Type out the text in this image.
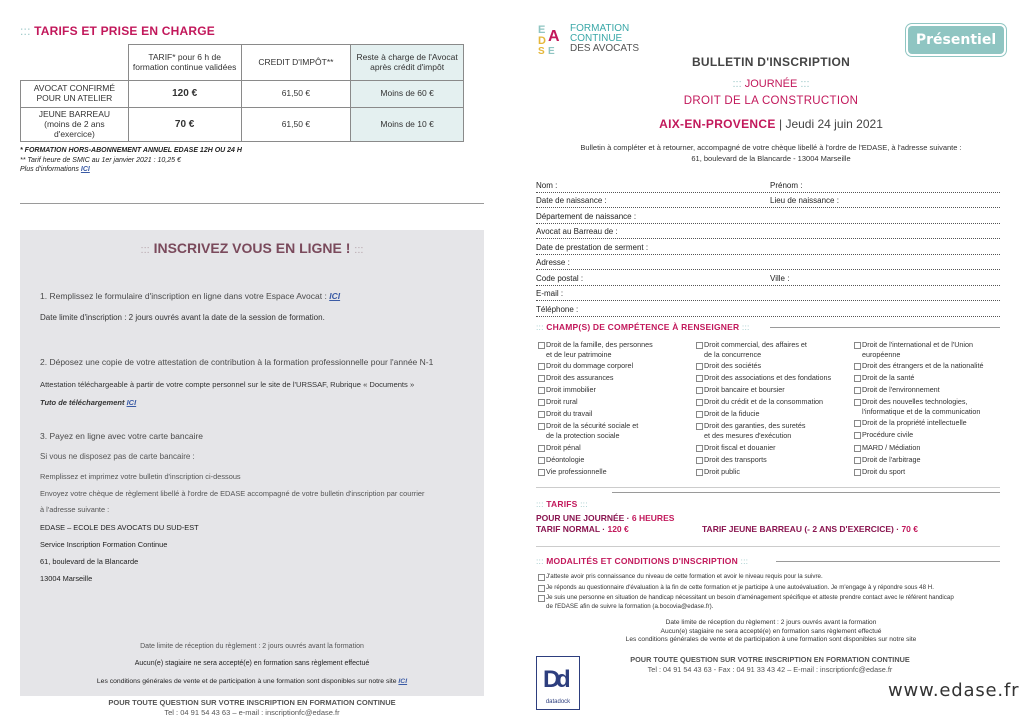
::: TARIFS ET PRISE EN CHARGE
	TARIF* pour 6 h de formation continue validées	CREDIT D'IMPÔT**	Reste à charge de l'Avocat après crédit d'impôt
AVOCAT CONFIRMÉ POUR UN ATELIER	120 €	61,50 €	Moins de 60 €
JEUNE BARREAU (moins de 2 ans d'exercice)	70 €	61,50 €	Moins de 10 €
* FORMATION HORS-ABONNEMENT ANNUEL EDASE 12H OU 24 H
** Tarif heure de SMIC au 1er janvier 2021 : 10,25 €
Plus d'informations ICI
::: INSCRIVEZ VOUS EN LIGNE ! :::
1. Remplissez le formulaire d'inscription en ligne dans votre Espace Avocat : ICI
Date limite d'inscription : 2 jours ouvrés avant la date de la session de formation.
2. Déposez une copie de votre attestation de contribution à la formation professionnelle pour l'année N-1
Attestation téléchargeable à partir de votre compte personnel sur le site de l'URSSAF, Rubrique « Documents »
Tuto de téléchargement ICI
3. Payez en ligne avec votre carte bancaire
Si vous ne disposez pas de carte bancaire :
Remplissez et imprimez votre bulletin d'inscription ci-dessous
Envoyez votre chèque de règlement libellé à l'ordre de EDASE accompagné de votre bulletin d'inscription par courrier
à l'adresse suivante :
EDASE – ECOLE DES AVOCATS DU SUD-EST
Service Inscription Formation Continue
61, boulevard de la Blancarde
13004 Marseille
Date limite de réception du règlement : 2 jours ouvrés avant la formation
Aucun(e) stagiaire ne sera accepté(e) en formation sans règlement effectué
Les conditions générales de vente et de participation à une formation sont disponibles sur notre site ICI
POUR TOUTE QUESTION SUR VOTRE INSCRIPTION EN FORMATION CONTINUE
Tel : 04 91 54 43 63 – e-mail : inscriptionfc@edase.fr
E
D A
S E
FORMATION
CONTINUE
DES AVOCATS
Présentiel
BULLETIN D'INSCRIPTION
::: JOURNÉE :::
DROIT DE LA CONSTRUCTION
AIX-EN-PROVENCE | Jeudi 24 juin 2021
Bulletin à compléter et à retourner, accompagné de votre chèque libellé à l'ordre de l'EDASE, à l'adresse suivante :
61, boulevard de la Blancarde - 13004 Marseille
Nom :	Prénom :
Date de naissance :	Lieu de naissance :
Département de naissance :
Avocat au Barreau de :
Date de prestation de serment :
Adresse :
Code postal :	Ville :
E-mail :
Téléphone :
::: CHAMP(S) DE COMPÉTENCE À RENSEIGNER :::
Droit de la famille, des personnes
et de leur patrimoine
Droit du dommage corporel
Droit des assurances
Droit immobilier
Droit rural
Droit du travail
Droit de la sécurité sociale et
de la protection sociale
Droit pénal
Déontologie
Vie professionnelle
Droit commercial, des affaires et
de la concurrence
Droit des sociétés
Droit des associations et des fondations
Droit bancaire et boursier
Droit du crédit et de la consommation
Droit de la fiducie
Droit des garanties, des suretés
et des mesures d'exécution
Droit fiscal et douanier
Droit des transports
Droit public
Droit de l'international et de l'Union
européenne
Droit des étrangers et de la nationalité
Droit de la santé
Droit de l'environnement
Droit des nouvelles technologies,
l'informatique et de la communication
Droit de la propriété intellectuelle
Procédure civile
MARD / Médiation
Droit de l'arbitrage
Droit du sport
::: TARIFS :::
POUR UNE JOURNÉE · 6 HEURES
TARIF NORMAL · 120 €	TARIF JEUNE BARREAU (- 2 ANS D'EXERCICE) · 70 €
::: MODALITÉS ET CONDITIONS D'INSCRIPTION :::
J'atteste avoir pris connaissance du niveau de cette formation et avoir le niveau requis pour la suivre.
Je réponds au questionnaire d'évaluation à la fin de cette formation et je participe à une autoévaluation. Je m'engage à y répondre sous 48 H.
Je suis une personne en situation de handicap nécessitant un besoin d'aménagement spécifique et atteste prendre contact avec le référent handicap
de l'EDASE afin de suivre la formation (a.bocovia@edase.fr).
Date limite de réception du règlement : 2 jours ouvrés avant la formation
Aucun(e) stagiaire ne sera accepté(e) en formation sans règlement effectué
Les conditions générales de vente et de participation à une formation sont disponibles sur notre site
D
d
datadock
POUR TOUTE QUESTION SUR VOTRE INSCRIPTION EN FORMATION CONTINUE
Tel : 04 91 54 43 63 - Fax : 04 91 33 43 42 – E-mail : inscriptionfc@edase.fr
www.edase.fr
